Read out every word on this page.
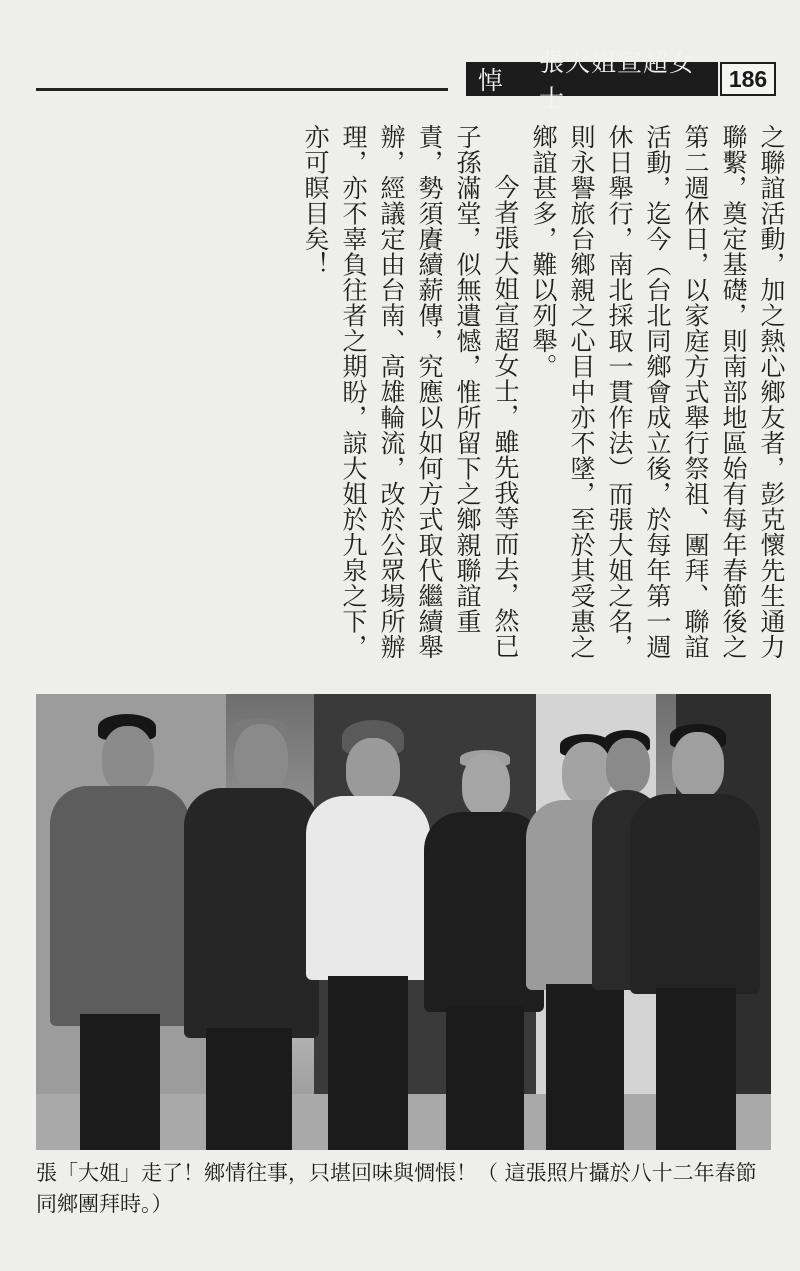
悼
張大姐宣超女士
186

之聯誼活動，加之熱心鄉友者，彭克懷先生通力聯繫，奠定基礎，則南部地區始有每年春節後之第二週休日，以家庭方式舉行祭祖、團拜、聯誼活動，迄今（台北同鄉會成立後，於每年第一週休日舉行，南北採取一貫作法）而張大姐之名，則永譽旅台鄉親之心目中亦不墜，至於其受惠之鄉誼甚多，難以列舉。

今者張大姐宣超女士，雖先我等而去，然已子孫滿堂，似無遺憾，惟所留下之鄉親聯誼重責，勢須賡續薪傳，究應以如何方式取代繼續舉辦，經議定由台南、高雄輪流，改於公眾場所辦理，亦不辜負往者之期盼，諒大姐於九泉之下，亦可瞑目矣！

張「大姐」走了！鄉情往事，只堪回味與惆悵！（ 這張照片攝於八十二年春節同鄉團拜時。）
